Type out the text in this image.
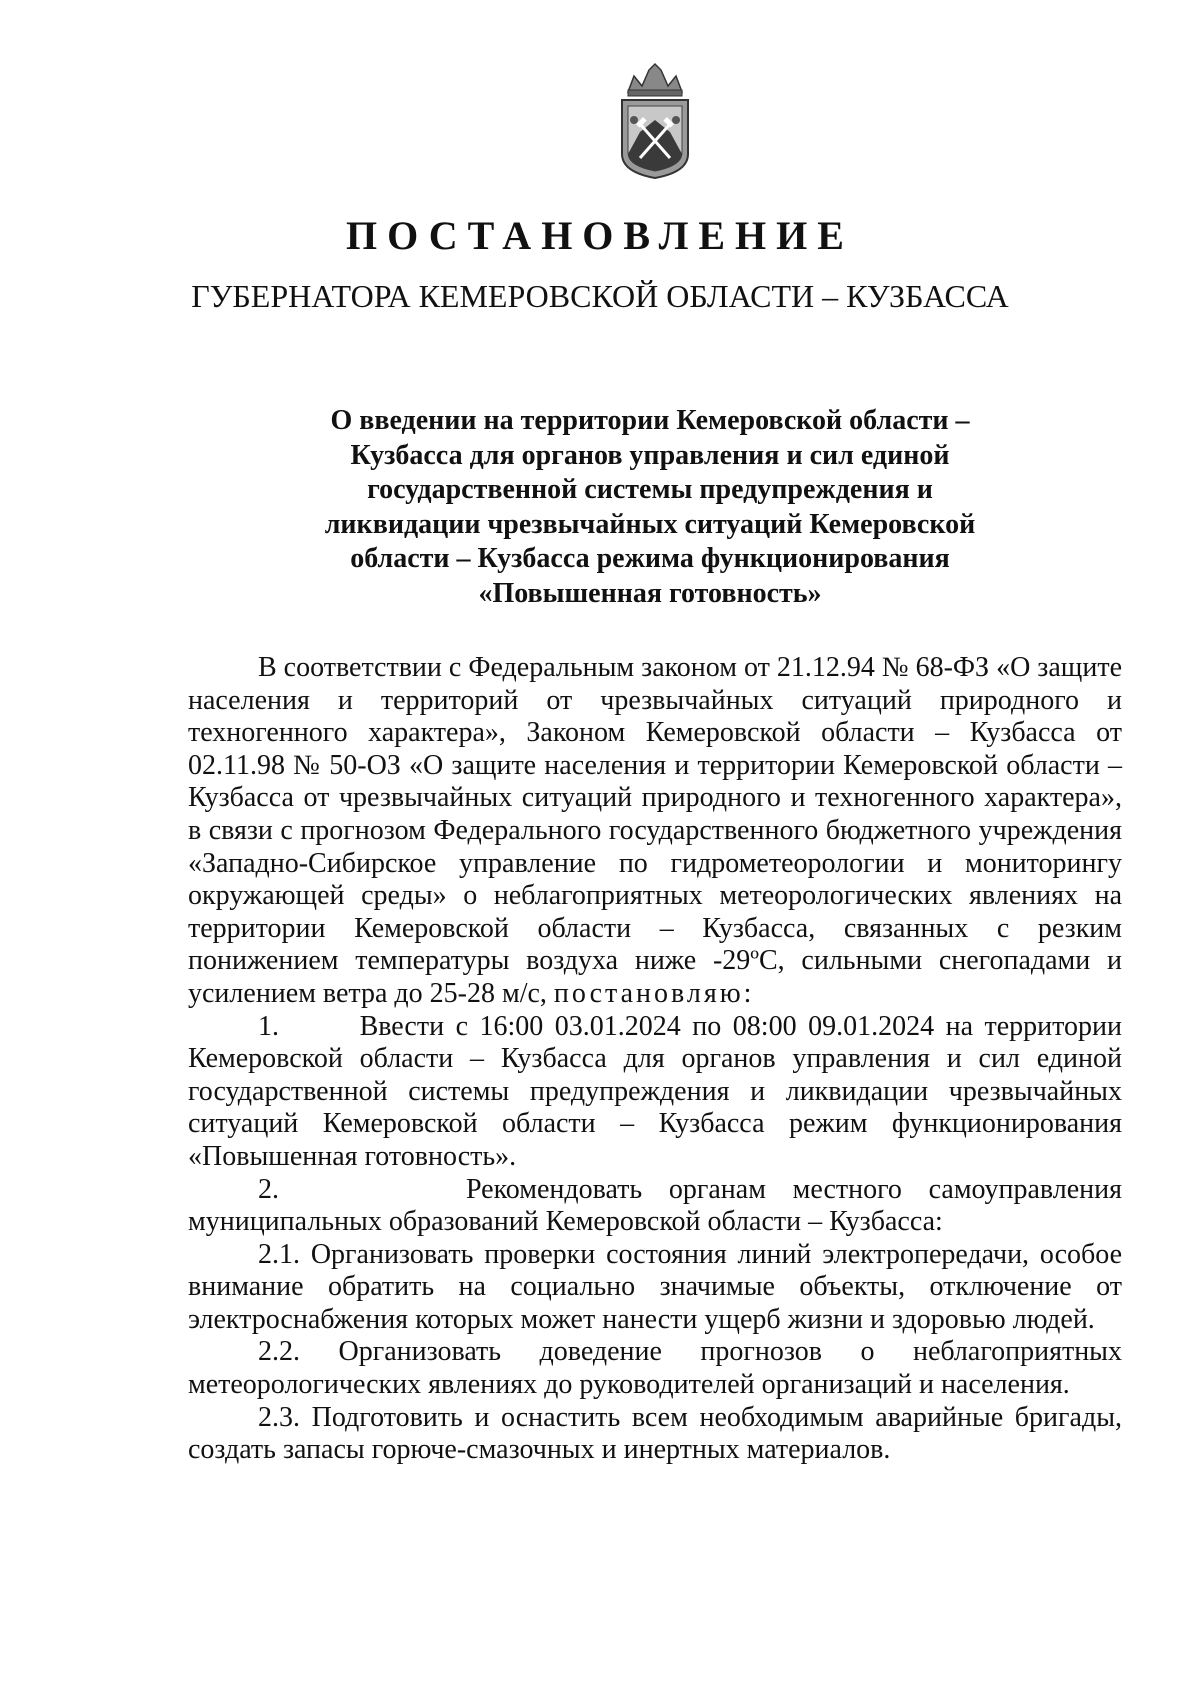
ПОСТАНОВЛЕНИЕ
ГУБЕРНАТОРА КЕМЕРОВСКОЙ ОБЛАСТИ – КУЗБАССА
О введении на территории Кемеровской области – Кузбасса для органов управления и сил единой государственной системы предупреждения и ликвидации чрезвычайных ситуаций Кемеровской области – Кузбасса режима функционирования «Повышенная готовность»

В соответствии с Федеральным законом от 21.12.94 № 68-ФЗ «О защите населения и территорий от чрезвычайных ситуаций природного и техногенного характера», Законом Кемеровской области – Кузбасса от 02.11.98 № 50-ОЗ «О защите населения и территории Кемеровской области – Кузбасса от чрезвычайных ситуаций природного и техногенного характера», в связи с прогнозом Федерального государственного бюджетного учреждения «Западно-Сибирское управление по гидрометеорологии и мониторингу окружающей среды» о неблагоприятных метеорологических явлениях на территории Кемеровской области – Кузбасса, связанных с резким понижением температуры воздуха ниже -29ºС, сильными снегопадами и усилением ветра до 25-28 м/с, постановляю:

1.	Ввести с 16:00 03.01.2024 по 08:00 09.01.2024 на территории Кемеровской области – Кузбасса для органов управления и сил единой государственной системы предупреждения и ликвидации чрезвычайных ситуаций Кемеровской области – Кузбасса режим функционирования «Повышенная готовность».

2.	Рекомендовать органам местного самоуправления муниципальных образований Кемеровской области – Кузбасса:

2.1. Организовать проверки состояния линий электропередачи, особое внимание обратить на социально значимые объекты, отключение от электроснабжения которых может нанести ущерб жизни и здоровью людей.

2.2. Организовать доведение прогнозов о неблагоприятных метеорологических явлениях до руководителей организаций и населения.

2.3. Подготовить и оснастить всем необходимым аварийные бригады, создать запасы горюче-смазочных и инертных материалов.
